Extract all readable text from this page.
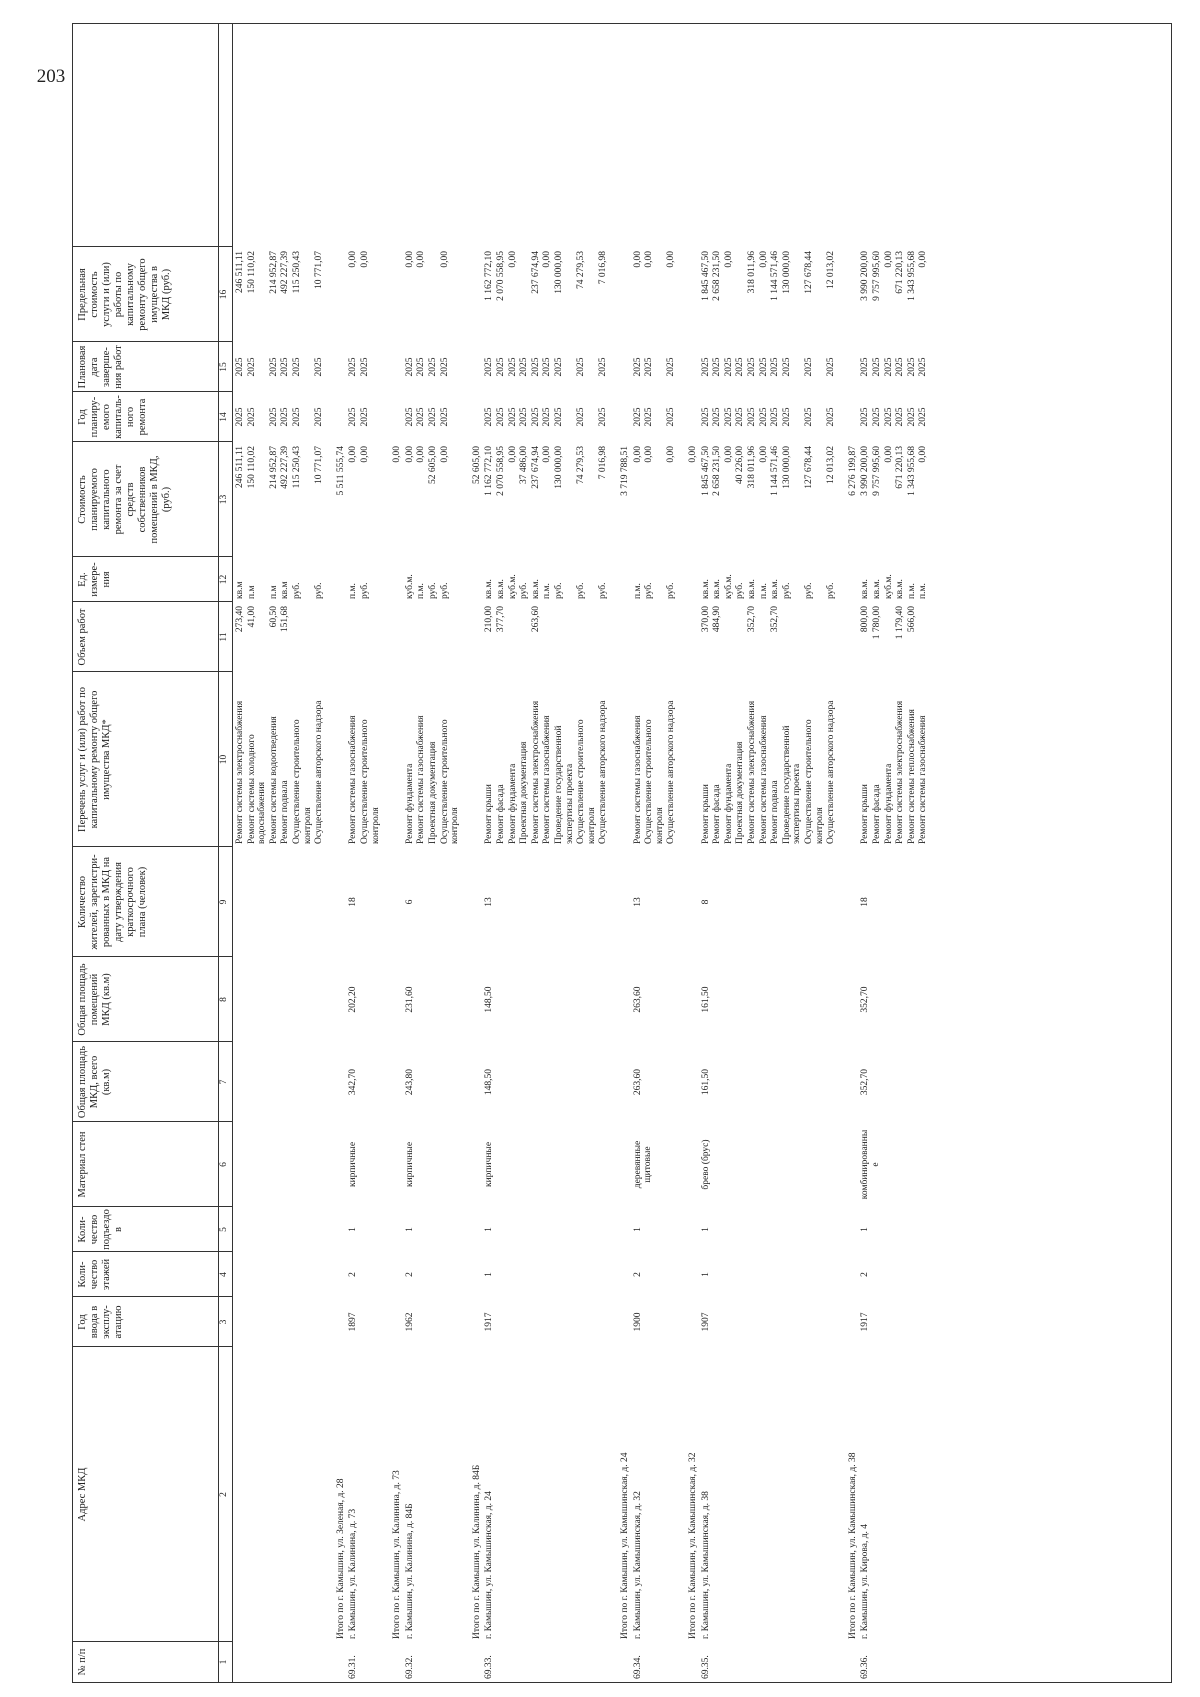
203
№ п/п
Адрес МКД
Год
ввода в
эксплу-
атацию
Коли-
чество
этажей
Коли-
чество
подъездо
в
Материал стен
Общая площадь
МКД, всего
(кв.м)
Общая площадь
помещений
МКД (кв.м)
Количество
жителей, зарегистри-
рованных в МКД на
дату утверждения
краткосрочного
плана (человек)
Перечень услуг и (или) работ по
капитальному ремонту общего
имущества МКД*
Объем работ
Ед.
измере-
ния
Стоимость
планируемого
капитального
ремонта за счет
средств
собственников
помещений в МКД,
(руб.)
Год
планиру-
емого
капиталь-
ного
ремонта
Плановая
дата
заверше-
ния работ
Предельная
стоимость
услуги и (или)
работы по
капитальному
ремонту общего
имущества в
МКД (руб.)
Ремонт системы электроснабжения
273,40
кв.м
246 511,11
2025
2025
246 511,11
Ремонт системы холодного
водоснабжения
41,00
п.м
150 110,02
2025
2025
150 110,02
Ремонт системы водоотведения
60,50
п.м
214 952,87
2025
2025
214 952,87
Ремонт подвала
151,68
кв.м
492 227,39
2025
2025
492 227,39
Осуществление строительного
контроля
руб.
115 250,43
2025
2025
115 250,43
Осуществление авторского надзора
руб.
10 771,07
2025
2025
10 771,07
Итого по г. Камышин, ул. Зеленая, д. 28
5 511 555,74
69.31.
г. Камышин, ул. Калинина, д. 73
1897
2
1
кирпичные
342,70
202,20
18
Ремонт системы газоснабжения
п.м.
0,00
2025
2025
0,00
Осуществление строительного
контроля
руб.
0,00
2025
2025
0,00
Итого по г. Камышин, ул. Калинина, д. 73
0,00
69.32.
г. Камышин, ул. Калинина, д. 84Б
1962
2
1
кирпичные
243,80
231,60
6
Ремонт фундамента
куб.м.
0,00
2025
2025
0,00
Ремонт системы газоснабжения
п.м.
0,00
2025
2025
0,00
Проектная документация
руб.
52 605,00
2025
2025
Осуществление строительного
контроля
руб.
0,00
2025
2025
0,00
Итого по г. Камышин, ул. Калинина, д. 84Б
52 605,00
69.33.
г. Камышин, ул. Камышинская, д. 24
1917
1
1
кирпичные
148,50
148,50
13
Ремонт крыши
210,00
кв.м.
1 162 772,10
2025
2025
1 162 772,10
Ремонт фасада
377,70
кв.м.
2 070 558,95
2025
2025
2 070 558,95
Ремонт фундамента
куб.м.
0,00
2025
2025
0,00
Проектная документация
руб.
37 486,00
2025
2025
Ремонт системы электроснабжения
263,60
кв.м.
237 674,94
2025
2025
237 674,94
Ремонт системы газоснабжения
п.м.
0,00
2025
2025
0,00
Проведение государственной
экспертизы проекта
руб.
130 000,00
2025
2025
130 000,00
Осуществление строительного
контроля
руб.
74 279,53
2025
2025
74 279,53
Осуществление авторского надзора
руб.
7 016,98
2025
2025
7 016,98
Итого по г. Камышин, ул. Камышинская, д. 24
3 719 788,51
69.34.
г. Камышин, ул. Камышинская, д. 32
1900
2
1
деревянные
щитовые
263,60
263,60
13
Ремонт системы газоснабжения
п.м.
0,00
2025
2025
0,00
Осуществление строительного
контроля
руб.
0,00
2025
2025
0,00
Осуществление авторского надзора
руб.
0,00
2025
2025
0,00
Итого по г. Камышин, ул. Камышинская, д. 32
0,00
69.35.
г. Камышин, ул. Камышинская, д. 38
1907
1
1
брево (брус)
161,50
161,50
8
Ремонт крыши
370,00
кв.м.
1 845 467,50
2025
2025
1 845 467,50
Ремонт фасада
484,90
кв.м.
2 658 231,50
2025
2025
2 658 231,50
Ремонт фундамента
куб.м.
0,00
2025
2025
0,00
Проектная документация
руб.
40 226,00
2025
2025
Ремонт системы электроснабжения
352,70
кв.м.
318 011,96
2025
2025
318 011,96
Ремонт системы газоснабжения
п.м.
0,00
2025
2025
0,00
Ремонт подвала
352,70
кв.м.
1 144 571,46
2025
2025
1 144 571,46
Проведение государственной
экспертизы проекта
руб.
130 000,00
2025
2025
130 000,00
Осуществление строительного
контроля
руб.
127 678,44
2025
2025
127 678,44
Осуществление авторского надзора
руб.
12 013,02
2025
2025
12 013,02
Итого по г. Камышин, ул. Камышинская, д. 38
6 276 199,87
69.36.
г. Камышин, ул. Кирова, д. 4
1917
2
1
комбинированны
е
352,70
352,70
18
Ремонт крыши
800,00
кв.м.
3 990 200,00
2025
2025
3 990 200,00
Ремонт фасада
1 780,00
кв.м.
9 757 995,60
2025
2025
9 757 995,60
Ремонт фундамента
куб.м.
0,00
2025
2025
0,00
Ремонт системы электроснабжения
1 179,40
кв.м.
671 220,13
2025
2025
671 220,13
Ремонт системы теплоснабжения
566,00
п.м.
1 343 955,68
2025
2025
1 343 955,68
Ремонт системы газоснабжения
п.м.
0,00
2025
2025
0,00
1
2
3
4
5
6
7
8
9
10
11
12
13
14
15
16
